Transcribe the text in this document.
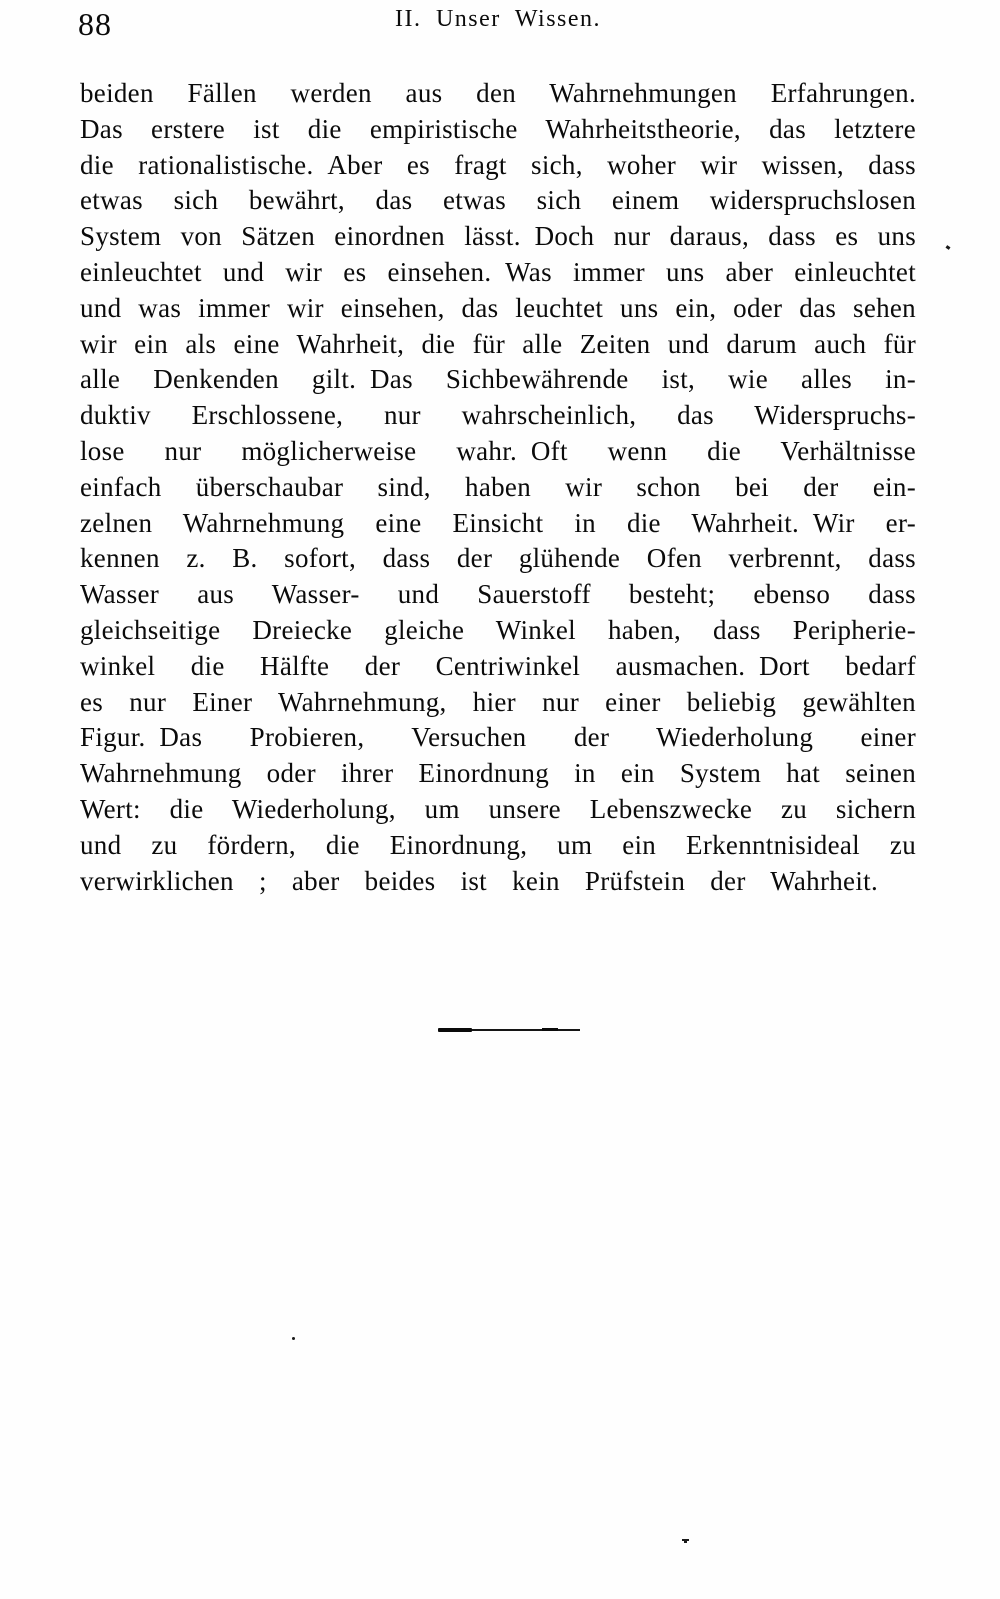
88	II. Unser Wissen.
beiden Fällen werden aus den Wahrnehmungen Erfahrungen.
Das erstere ist die empiristische Wahrheitstheorie, das letztere
die rationalistische. Aber es fragt sich, woher wir wissen, dass
etwas sich bewährt, das etwas sich einem widerspruchslosen
System von Sätzen einordnen lässt. Doch nur daraus, dass es uns
einleuchtet und wir es einsehen. Was immer uns aber einleuchtet
und was immer wir einsehen, das leuchtet uns ein, oder das sehen
wir ein als eine Wahrheit, die für alle Zeiten und darum auch für
alle Denkenden gilt. Das Sichbewährende ist, wie alles in-
duktiv Erschlossene, nur wahrscheinlich, das Widerspruchs-
lose nur möglicherweise wahr. Oft wenn die Verhältnisse
einfach überschaubar sind, haben wir schon bei der ein-
zelnen Wahrnehmung eine Einsicht in die Wahrheit. Wir er-
kennen z. B. sofort, dass der glühende Ofen verbrennt, dass
Wasser aus Wasser- und Sauerstoff besteht; ebenso dass
gleichseitige Dreiecke gleiche Winkel haben, dass Peripherie-
winkel die Hälfte der Centriwinkel ausmachen. Dort bedarf
es nur Einer Wahrnehmung, hier nur einer beliebig gewählten
Figur. Das Probieren, Versuchen der Wiederholung einer
Wahrnehmung oder ihrer Einordnung in ein System hat seinen
Wert: die Wiederholung, um unsere Lebenszwecke zu sichern
und zu fördern, die Einordnung, um ein Erkenntnisideal zu
verwirklichen ; aber beides ist kein Prüfstein der Wahrheit.
